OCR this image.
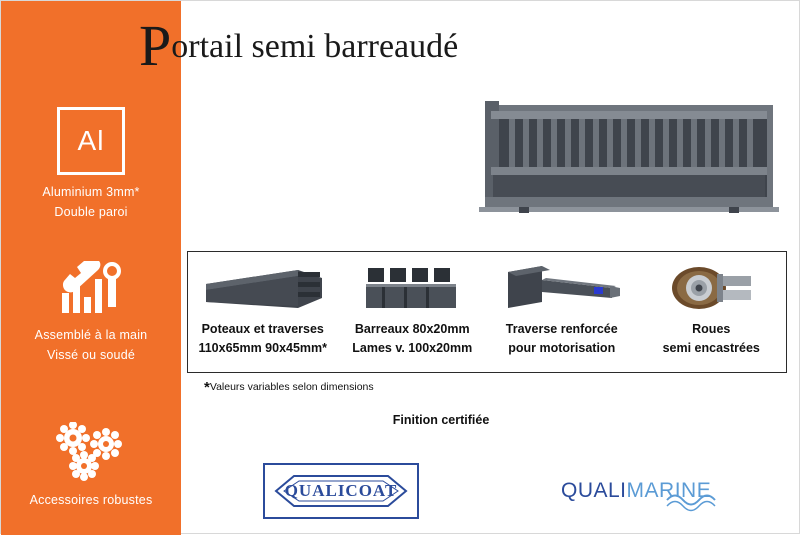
Al
Aluminium 3mm*
Double paroi
Assemblé à la main
Vissé ou soudé
Accessoires robustes
Portail semi barreaudé
Poteaux et traverses
110x65mm 90x45mm*
Barreaux 80x20mm
Lames v. 100x20mm
Traverse renforcée
pour motorisation
Roues
semi encastrées
*Valeurs variables selon dimensions
Finition certifiée
QUALICOAT	QUALIMARINE
